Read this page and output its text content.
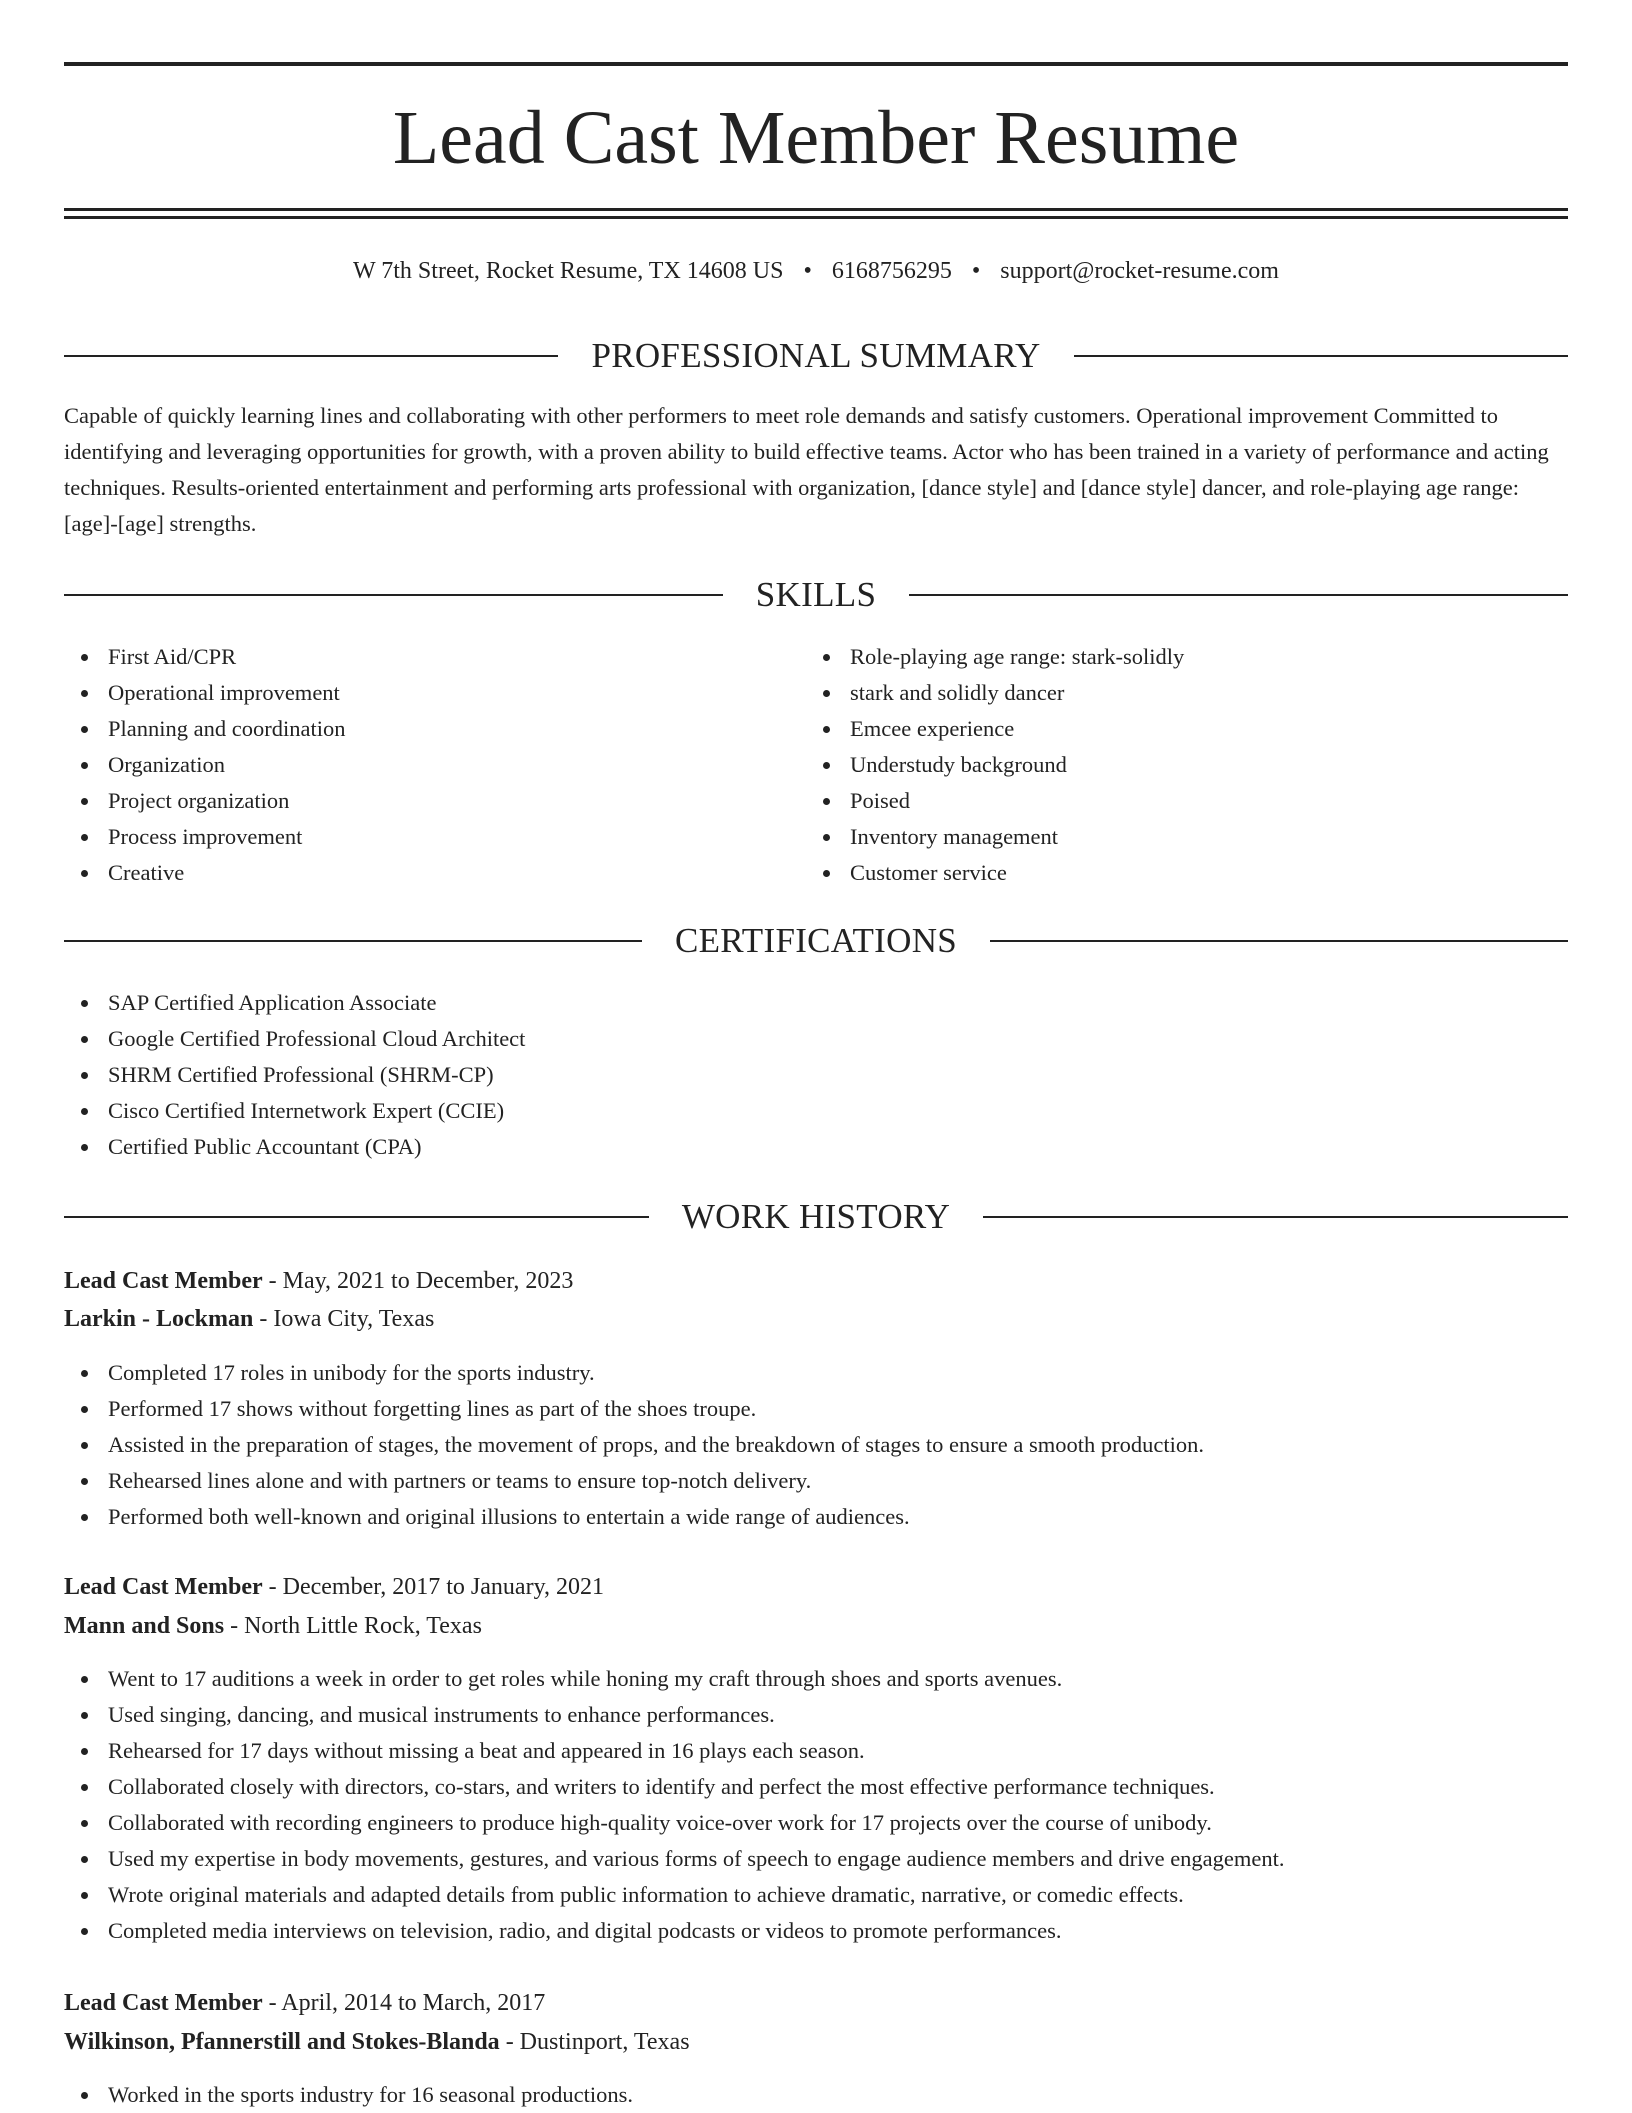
Lead Cast Member Resume
W 7th Street, Rocket Resume, TX 14608 US • 6168756295 • support@rocket-resume.com
PROFESSIONAL SUMMARY

Capable of quickly learning lines and collaborating with other performers to meet role demands and satisfy customers. Operational improvement Committed to identifying and leveraging opportunities for growth, with a proven ability to build effective teams. Actor who has been trained in a variety of performance and acting techniques. Results-oriented entertainment and performing arts professional with organization, [dance style] and [dance style] dancer, and role-playing age range: [age]-[age] strengths.

SKILLS
First Aid/CPR
Operational improvement
Planning and coordination
Organization
Project organization
Process improvement
Creative
Role-playing age range: stark-solidly
stark and solidly dancer
Emcee experience
Understudy background
Poised
Inventory management
Customer service
CERTIFICATIONS
SAP Certified Application Associate
Google Certified Professional Cloud Architect
SHRM Certified Professional (SHRM-CP)
Cisco Certified Internetwork Expert (CCIE)
Certified Public Accountant (CPA)
WORK HISTORY
Lead Cast Member - May, 2021 to December, 2023
Larkin - Lockman - Iowa City, Texas
Completed 17 roles in unibody for the sports industry.
Performed 17 shows without forgetting lines as part of the shoes troupe.
Assisted in the preparation of stages, the movement of props, and the breakdown of stages to ensure a smooth production.
Rehearsed lines alone and with partners or teams to ensure top-notch delivery.
Performed both well-known and original illusions to entertain a wide range of audiences.
Lead Cast Member - December, 2017 to January, 2021
Mann and Sons - North Little Rock, Texas
Went to 17 auditions a week in order to get roles while honing my craft through shoes and sports avenues.
Used singing, dancing, and musical instruments to enhance performances.
Rehearsed for 17 days without missing a beat and appeared in 16 plays each season.
Collaborated closely with directors, co-stars, and writers to identify and perfect the most effective performance techniques.
Collaborated with recording engineers to produce high-quality voice-over work for 17 projects over the course of unibody.
Used my expertise in body movements, gestures, and various forms of speech to engage audience members and drive engagement.
Wrote original materials and adapted details from public information to achieve dramatic, narrative, or comedic effects.
Completed media interviews on television, radio, and digital podcasts or videos to promote performances.
Lead Cast Member - April, 2014 to March, 2017
Wilkinson, Pfannerstill and Stokes-Blanda - Dustinport, Texas
Worked in the sports industry for 16 seasonal productions.
